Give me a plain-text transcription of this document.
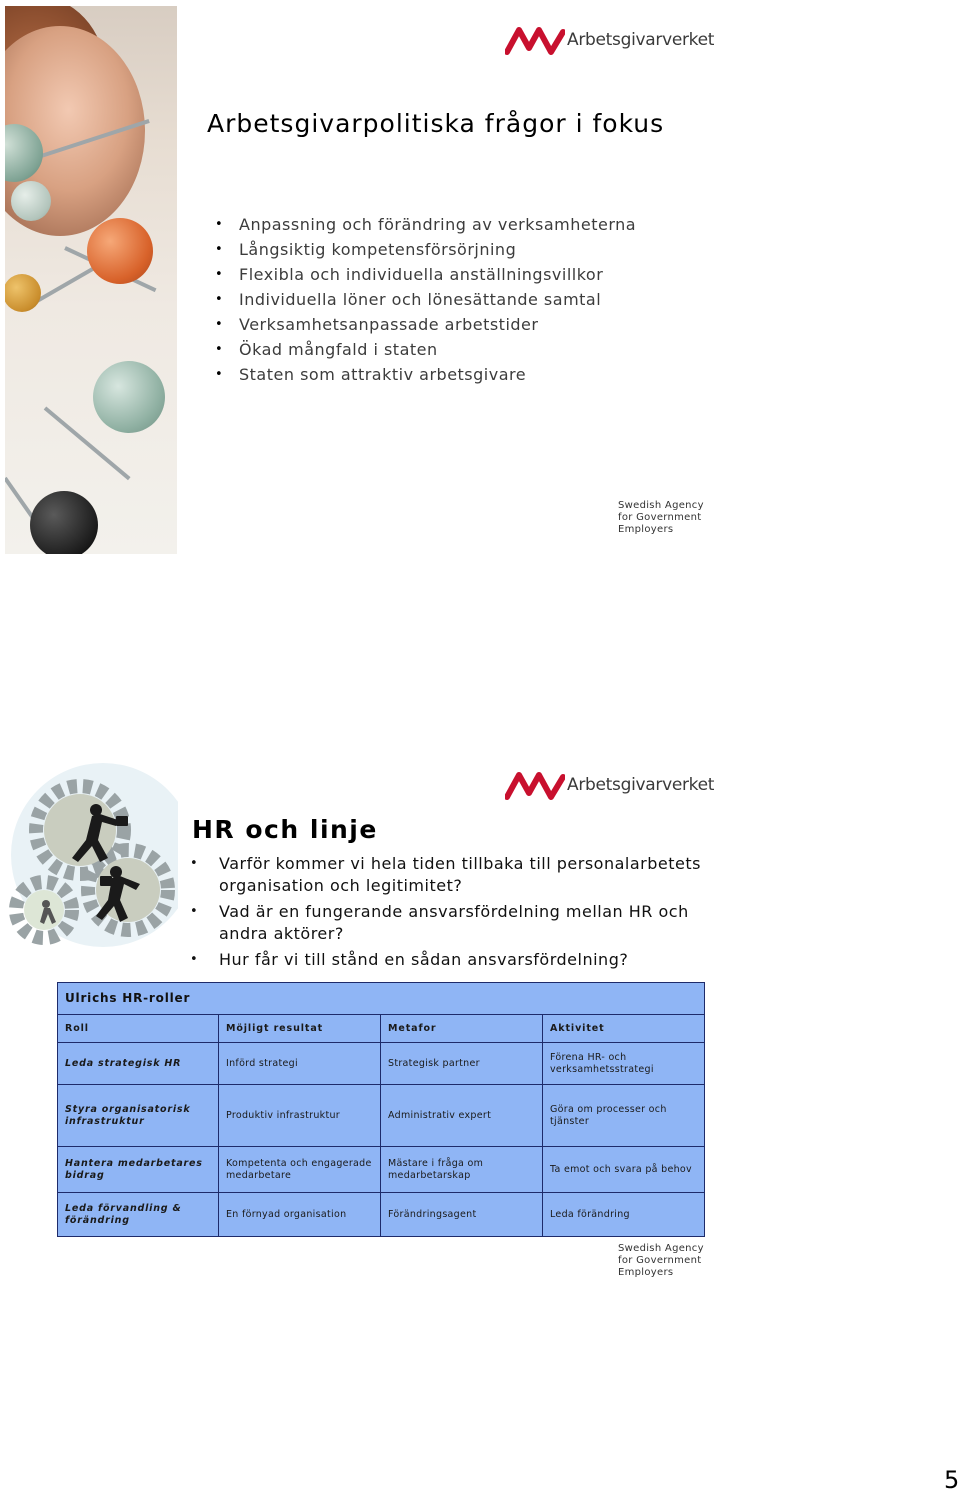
Arbetsgivarverket
Arbetsgivarpolitiska frågor i fokus
• Anpassning och förändring av verksamheterna
• Långsiktig kompetensförsörjning
• Flexibla och individuella anställningsvillkor
• Individuella löner och lönesättande samtal
• Verksamhetsanpassade arbetstider
• Ökad mångfald i staten
• Staten som attraktiv arbetsgivare
Swedish Agency
for Government
Employers
Arbetsgivarverket
HR och linje
• Varför kommer vi hela tiden tillbaka till personalarbetets organisation och legitimitet?
• Vad är en fungerande ansvarsfördelning mellan HR och andra aktörer?
• Hur får vi till stånd en sådan ansvarsfördelning?

Roll	Möjligt resultat	Metafor	Aktivitet
Leda strategisk HR	Införd strategi	Strategisk partner	Förena HR- och verksamhetsstrategi
Styra organisatorisk infrastruktur	Produktiv infrastruktur	Administrativ expert	Göra om processer och tjänster
Hantera medarbetares bidrag	Kompetenta och engagerade medarbetare	Mästare i fråga om medarbetarskap	Ta emot och svara på behov
Leda förvandling & förändring	En förnyad organisation	Förändringsagent	Leda förändring
Ulrichs HR-roller
Swedish Agency
for Government
Employers
5
